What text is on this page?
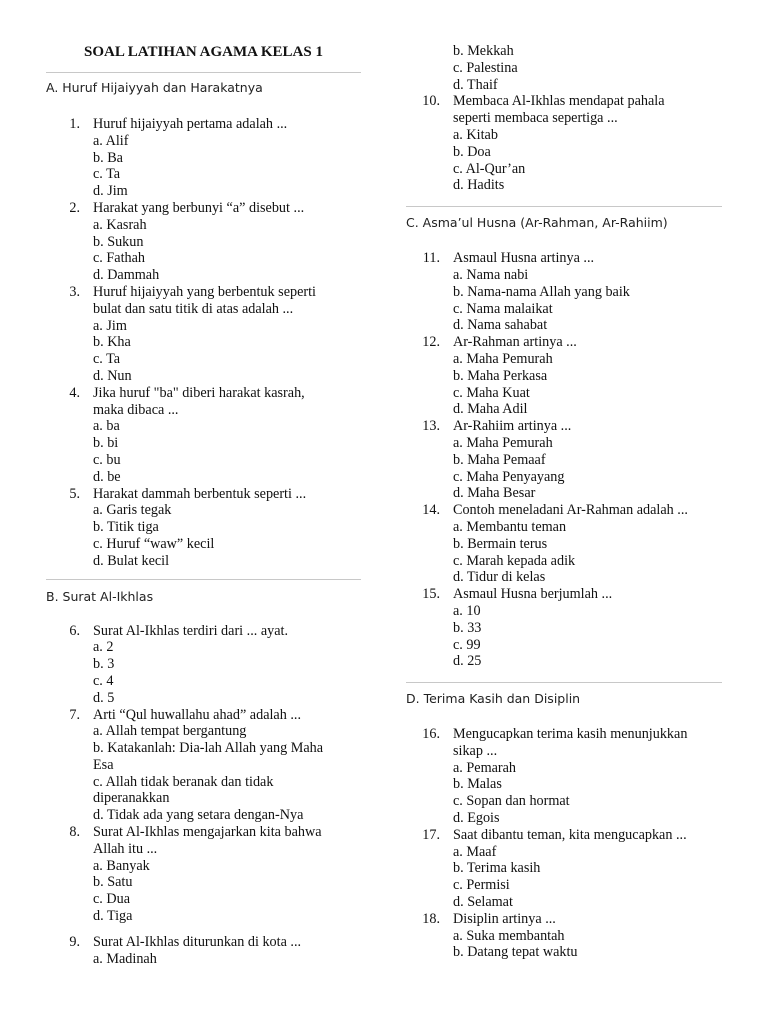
SOAL LATIHAN AGAMA KELAS 1
A. Huruf Hijaiyyah dan Harakatnya
1. Huruf hijaiyyah pertama adalah ...
a. Alif
b. Ba
c. Ta
d. Jim
2. Harakat yang berbunyi “a” disebut ...
a. Kasrah
b. Sukun
c. Fathah
d. Dammah
3. Huruf hijaiyyah yang berbentuk seperti
bulat dan satu titik di atas adalah ...
a. Jim
b. Kha
c. Ta
d. Nun
4. Jika huruf "ba" diberi harakat kasrah,
maka dibaca ...
a. ba
b. bi
c. bu
d. be
5. Harakat dammah berbentuk seperti ...
a. Garis tegak
b. Titik tiga
c. Huruf “waw” kecil
d. Bulat kecil
B. Surat Al-Ikhlas
6. Surat Al-Ikhlas terdiri dari ... ayat.
a. 2
b. 3
c. 4
d. 5
7. Arti “Qul huwallahu ahad” adalah ...
a. Allah tempat bergantung
b. Katakanlah: Dia-lah Allah yang Maha
Esa
c. Allah tidak beranak dan tidak
diperanakkan
d. Tidak ada yang setara dengan-Nya
8. Surat Al-Ikhlas mengajarkan kita bahwa
Allah itu ...
a. Banyak
b. Satu
c. Dua
d. Tiga
9. Surat Al-Ikhlas diturunkan di kota ...
a. Madinah
b. Mekkah
c. Palestina
d. Thaif
10. Membaca Al-Ikhlas mendapat pahala
seperti membaca sepertiga ...
a. Kitab
b. Doa
c. Al-Qur’an
d. Hadits
C. Asma’ul Husna (Ar-Rahman, Ar-Rahiim)
11. Asmaul Husna artinya ...
a. Nama nabi
b. Nama-nama Allah yang baik
c. Nama malaikat
d. Nama sahabat
12. Ar-Rahman artinya ...
a. Maha Pemurah
b. Maha Perkasa
c. Maha Kuat
d. Maha Adil
13. Ar-Rahiim artinya ...
a. Maha Pemurah
b. Maha Pemaaf
c. Maha Penyayang
d. Maha Besar
14. Contoh meneladani Ar-Rahman adalah ...
a. Membantu teman
b. Bermain terus
c. Marah kepada adik
d. Tidur di kelas
15. Asmaul Husna berjumlah ...
a. 10
b. 33
c. 99
d. 25
D. Terima Kasih dan Disiplin
16. Mengucapkan terima kasih menunjukkan
sikap ...
a. Pemarah
b. Malas
c. Sopan dan hormat
d. Egois
17. Saat dibantu teman, kita mengucapkan ...
a. Maaf
b. Terima kasih
c. Permisi
d. Selamat
18. Disiplin artinya ...
a. Suka membantah
b. Datang tepat waktu
